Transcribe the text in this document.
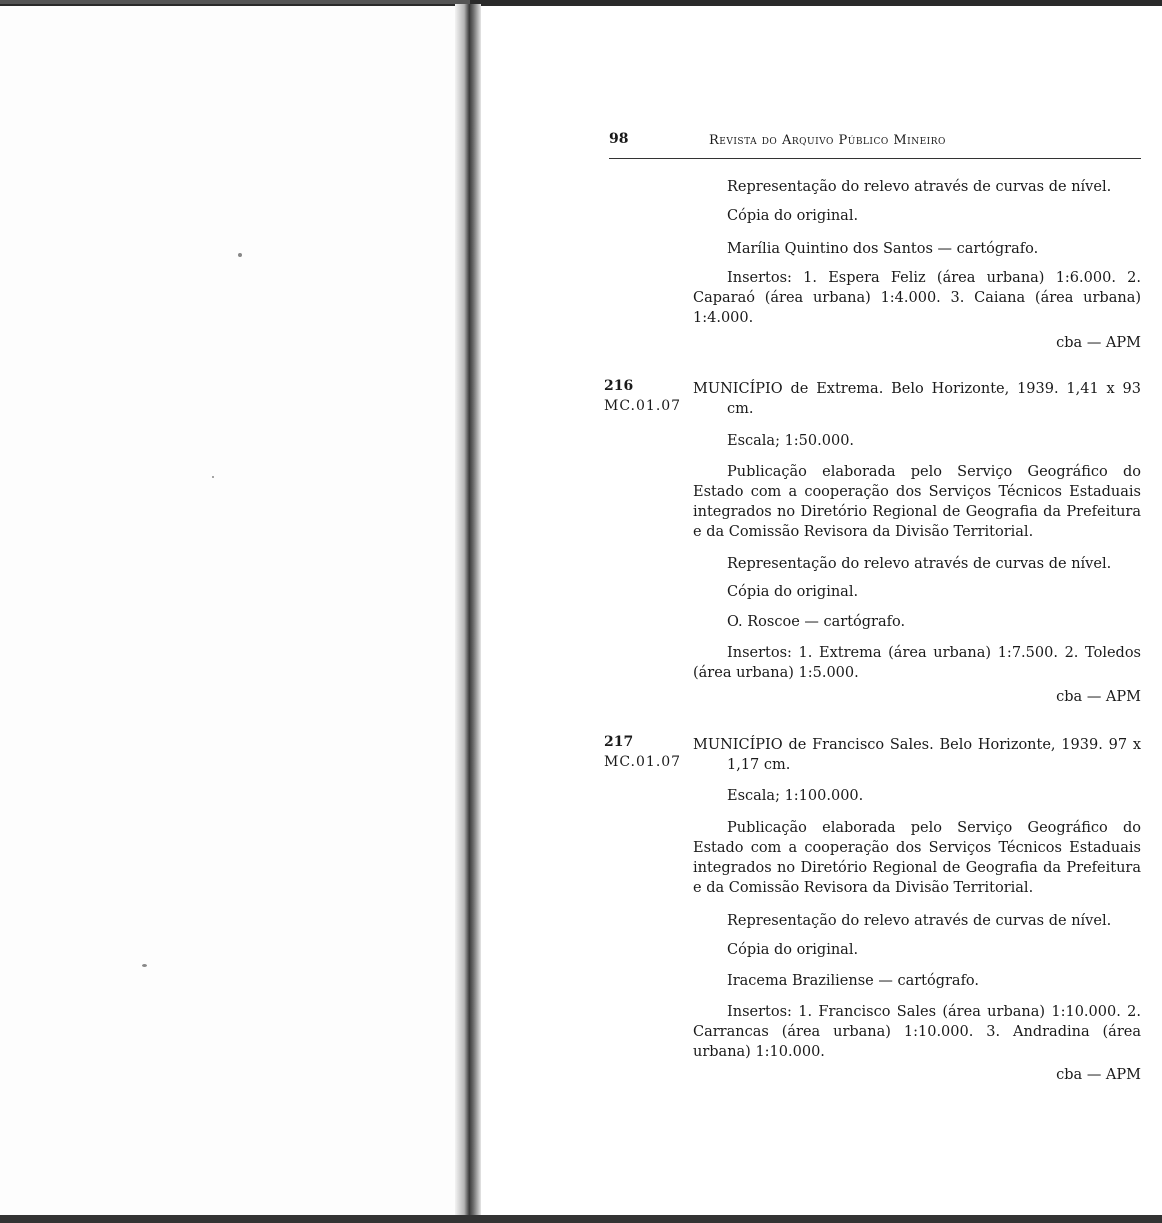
98	Revista do Arquivo Público Mineiro
Representação do relevo através de curvas de nível.
Cópia do original.
Marília Quintino dos Santos — cartógrafo.
Insertos: 1. Espera Feliz (área urbana) 1:6.000. 2. Caparaó (área urbana) 1:4.000. 3. Caiana (área urbana) 1:4.000.
cba — APM
216
MC.01.07
MUNICÍPIO de Extrema. Belo Horizonte, 1939. 1,41 x 93 cm.
Escala; 1:50.000.
Publicação elaborada pelo Serviço Geográfico do Estado com a cooperação dos Serviços Técnicos Estaduais integrados no Diretório Regional de Geografia da Prefeitura e da Comissão Revisora da Divisão Territorial.
Representação do relevo através de curvas de nível.
Cópia do original.
O. Roscoe — cartógrafo.
Insertos: 1. Extrema (área urbana) 1:7.500. 2. Toledos (área urbana) 1:5.000.
cba — APM
217
MC.01.07
MUNICÍPIO de Francisco Sales. Belo Horizonte, 1939. 97 x 1,17 cm.
Escala; 1:100.000.
Publicação elaborada pelo Serviço Geográfico do Estado com a cooperação dos Serviços Técnicos Estaduais integrados no Diretório Regional de Geografia da Prefeitura e da Comissão Revisora da Divisão Territorial.
Representação do relevo através de curvas de nível.
Cópia do original.
Iracema Braziliense — cartógrafo.
Insertos: 1. Francisco Sales (área urbana) 1:10.000. 2. Carrancas (área urbana) 1:10.000. 3. Andradina (área urbana) 1:10.000.
cba — APM
